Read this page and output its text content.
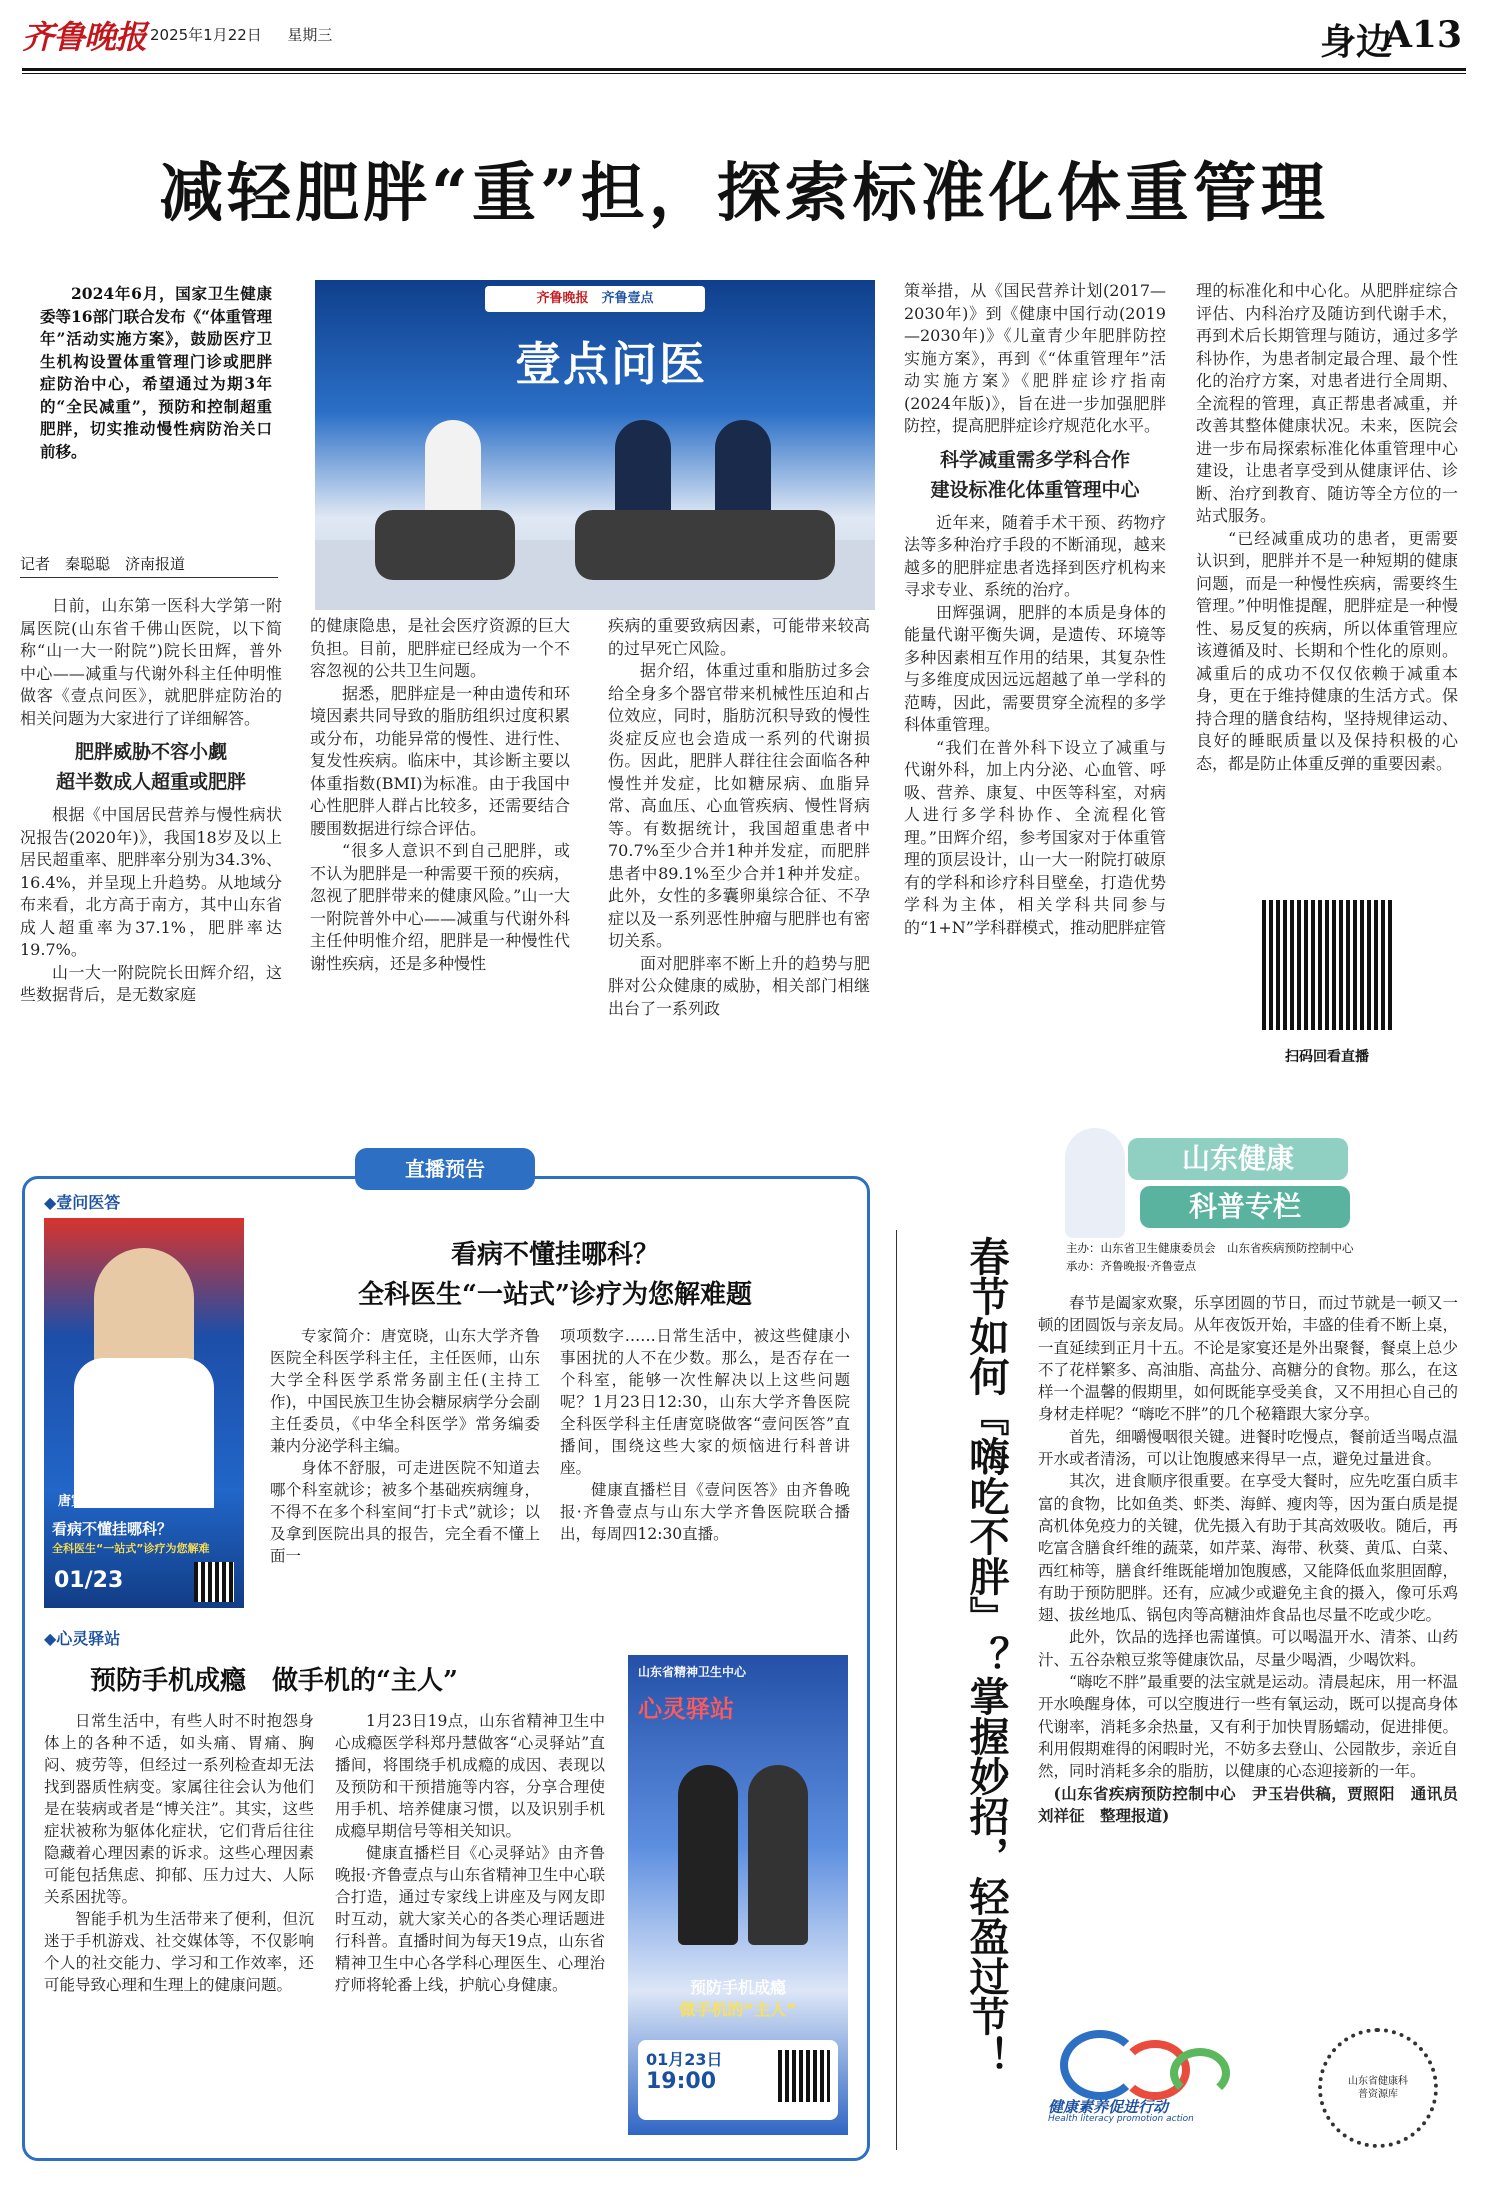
齐鲁晚报 2025年1月22日 星期三	身边
A13
减轻肥胖“重”担，探索标准化体重管理

2024年6月，国家卫生健康委等16部门联合发布《“体重管理年”活动实施方案》，鼓励医疗卫生机构设置体重管理门诊或肥胖症防治中心，希望通过为期3年的“全民减重”，预防和控制超重肥胖，切实推动慢性病防治关口前移。

记者　秦聪聪　济南报道
齐鲁晚报　 齐鲁壹点
壹点问医

日前，山东第一医科大学第一附属医院(山东省千佛山医院，以下简称“山一大一附院”)院长田辉，普外中心——减重与代谢外科主任仲明惟做客《壹点问医》，就肥胖症防治的相关问题为大家进行了详细解答。

肥胖威胁不容小觑

超半数成人超重或肥胖

根据《中国居民营养与慢性病状况报告(2020年)》，我国18岁及以上居民超重率、肥胖率分别为34.3%、16.4%，并呈现上升趋势。从地域分布来看，北方高于南方，其中山东省成人超重率为37.1%，肥胖率达19.7%。

山一大一附院院长田辉介绍，这些数据背后，是无数家庭

的健康隐患，是社会医疗资源的巨大负担。目前，肥胖症已经成为一个不容忽视的公共卫生问题。

据悉，肥胖症是一种由遗传和环境因素共同导致的脂肪组织过度积累或分布，功能异常的慢性、进行性、复发性疾病。临床中，其诊断主要以体重指数(BMI)为标准。由于我国中心性肥胖人群占比较多，还需要结合腰围数据进行综合评估。

“很多人意识不到自己肥胖，或不认为肥胖是一种需要干预的疾病，忽视了肥胖带来的健康风险。”山一大一附院普外中心——减重与代谢外科主任仲明惟介绍，肥胖是一种慢性代谢性疾病，还是多种慢性

疾病的重要致病因素，可能带来较高的过早死亡风险。

据介绍，体重过重和脂肪过多会给全身多个器官带来机械性压迫和占位效应，同时，脂肪沉积导致的慢性炎症反应也会造成一系列的代谢损伤。因此，肥胖人群往往会面临各种慢性并发症，比如糖尿病、血脂异常、高血压、心血管疾病、慢性肾病等。有数据统计，我国超重患者中70.7%至少合并1种并发症，而肥胖患者中89.1%至少合并1种并发症。此外，女性的多囊卵巢综合征、不孕症以及一系列恶性肿瘤与肥胖也有密切关系。

面对肥胖率不断上升的趋势与肥胖对公众健康的威胁，相关部门相继出台了一系列政

策举措，从《国民营养计划(2017—2030年)》到《健康中国行动(2019—2030年)》《儿童青少年肥胖防控实施方案》，再到《“体重管理年”活动实施方案》《肥胖症诊疗指南(2024年版)》，旨在进一步加强肥胖防控，提高肥胖症诊疗规范化水平。

科学减重需多学科合作

建设标准化体重管理中心

近年来，随着手术干预、药物疗法等多种治疗手段的不断涌现，越来越多的肥胖症患者选择到医疗机构来寻求专业、系统的治疗。

田辉强调，肥胖的本质是身体的能量代谢平衡失调，是遗传、环境等多种因素相互作用的结果，其复杂性与多维度成因远远超越了单一学科的范畴，因此，需要贯穿全流程的多学科体重管理。

“我们在普外科下设立了减重与代谢外科，加上内分泌、心血管、呼吸、营养、康复、中医等科室，对病人进行多学科协作、全流程化管理。”田辉介绍，参考国家对于体重管理的顶层设计，山一大一附院打破原有的学科和诊疗科目壁垒，打造优势学科为主体，相关学科共同参与的“1+N”学科群模式，推动肥胖症管

理的标准化和中心化。从肥胖症综合评估、内科治疗及随访到代谢手术，再到术后长期管理与随访，通过多学科协作，为患者制定最合理、最个性化的治疗方案，对患者进行全周期、全流程的管理，真正帮患者减重，并改善其整体健康状况。未来，医院会进一步布局探索标准化体重管理中心建设，让患者享受到从健康评估、诊断、治疗到教育、随访等全方位的一站式服务。

“已经减重成功的患者，更需要认识到，肥胖并不是一种短期的健康问题，而是一种慢性疾病，需要终生管理。”仲明惟提醒，肥胖症是一种慢性、易反复的疾病，所以体重管理应该遵循及时、长期和个性化的原则。减重后的成功不仅仅依赖于减重本身，更在于维持健康的生活方式。保持合理的膳食结构，坚持规律运动、良好的睡眠质量以及保持积极的心态，都是防止体重反弹的重要因素。

扫码回看直播
直播预告
◆壹问医答
唐宽晓
看病不懂挂哪科？
全科医生“一站式”诊疗为您解难
01/23
看病不懂挂哪科？
全科医生“一站式”诊疗为您解难题

专家简介：唐宽晓，山东大学齐鲁医院全科医学科主任，主任医师，山东大学全科医学系常务副主任(主持工作)，中国民族卫生协会糖尿病学分会副主任委员，《中华全科医学》常务编委兼内分泌学科主编。

身体不舒服，可走进医院不知道去哪个科室就诊；被多个基础疾病缠身，不得不在多个科室间“打卡式”就诊；以及拿到医院出具的报告，完全看不懂上面一

项项数字……日常生活中，被这些健康小事困扰的人不在少数。那么，是否存在一个科室，能够一次性解决以上这些问题呢？1月23日12:30，山东大学齐鲁医院全科医学科主任唐宽晓做客“壹问医答”直播间，围绕这些大家的烦恼进行科普讲座。

健康直播栏目《壹问医答》由齐鲁晚报·齐鲁壹点与山东大学齐鲁医院联合播出，每周四12:30直播。

◆心灵驿站
预防手机成瘾　做手机的“主人”

日常生活中，有些人时不时抱怨身体上的各种不适，如头痛、胃痛、胸闷、疲劳等，但经过一系列检查却无法找到器质性病变。家属往往会认为他们是在装病或者是“博关注”。其实，这些症状被称为躯体化症状，它们背后往往隐藏着心理因素的诉求。这些心理因素可能包括焦虑、抑郁、压力过大、人际关系困扰等。

智能手机为生活带来了便利，但沉迷于手机游戏、社交媒体等，不仅影响个人的社交能力、学习和工作效率，还可能导致心理和生理上的健康问题。

1月23日19点，山东省精神卫生中心成瘾医学科郑丹慧做客“心灵驿站”直播间，将围绕手机成瘾的成因、表现以及预防和干预措施等内容，分享合理使用手机、培养健康习惯，以及识别手机成瘾早期信号等相关知识。

健康直播栏目《心灵驿站》由齐鲁晚报·齐鲁壹点与山东省精神卫生中心联合打造，通过专家线上讲座及与网友即时互动，就大家关心的各类心理话题进行科普。直播时间为每天19点，山东省精神卫生中心各学科心理医生、心理治疗师将轮番上线，护航心身健康。

山东省精神卫生中心
心灵驿站
预防手机成瘾
做手机的“主人”
01月23日
19:00
山东健康
科普专栏
主办：山东省卫生健康委员会　山东省疾病预防控制中心
承办：齐鲁晚报·齐鲁壹点
春节如何『嗨吃不胖』？掌握妙招，轻盈过节！	春节是阖家欢聚，乐享团圆的节日，而过节就是一顿又一顿的团圆饭与亲友局。从年夜饭开始，丰盛的佳肴不断上桌，一直延续到正月十五。不论是家宴还是外出聚餐，餐桌上总少不了花样繁多、高油脂、高盐分、高糖分的食物。那么，在这样一个温馨的假期里，如何既能享受美食，又不用担心自己的身材走样呢？“嗨吃不胖”的几个秘籍跟大家分享。

首先，细嚼慢咽很关键。进餐时吃慢点，餐前适当喝点温开水或者清汤，可以让饱腹感来得早一点，避免过量进食。

其次，进食顺序很重要。在享受大餐时，应先吃蛋白质丰富的食物，比如鱼类、虾类、海鲜、瘦肉等，因为蛋白质是提高机体免疫力的关键，优先摄入有助于其高效吸收。随后，再吃富含膳食纤维的蔬菜，如芹菜、海带、秋葵、黄瓜、白菜、西红柿等，膳食纤维既能增加饱腹感，又能降低血浆胆固醇，有助于预防肥胖。还有，应减少或避免主食的摄入，像可乐鸡翅、拔丝地瓜、锅包肉等高糖油炸食品也尽量不吃或少吃。

此外，饮品的选择也需谨慎。可以喝温开水、清茶、山药汁、五谷杂粮豆浆等健康饮品，尽量少喝酒，少喝饮料。

“嗨吃不胖”最重要的法宝就是运动。清晨起床，用一杯温开水唤醒身体，可以空腹进行一些有氧运动，既可以提高身体代谢率，消耗多余热量，又有利于加快胃肠蠕动，促进排便。利用假期难得的闲暇时光，不妨多去登山、公园散步，亲近自然，同时消耗多余的脂肪，以健康的心态迎接新的一年。

(山东省疾病预防控制中心　尹玉岩供稿，贾照阳　通讯员　刘祥征　整理报道)

健康素养促进行动
Health literacy promotion action
山东省健康科普资源库
